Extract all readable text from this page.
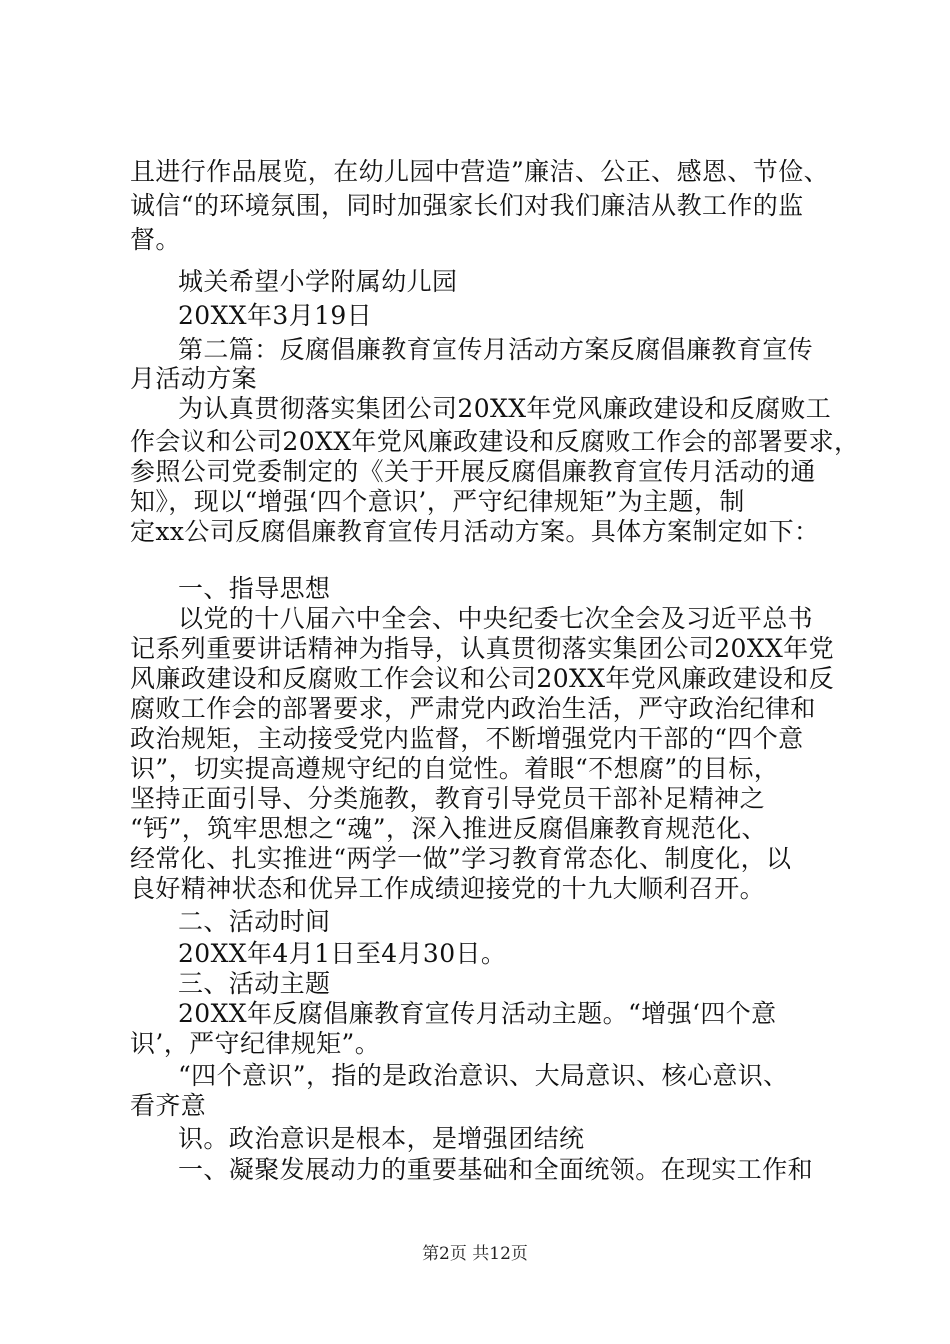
且进行作品展览，在幼儿园中营造”廉洁、公正、感恩、节俭、
诚信“的环境氛围，同时加强家长们对我们廉洁从教工作的监
督。
城关希望小学附属幼儿园
20XX年3月19日
第二篇：反腐倡廉教育宣传月活动方案反腐倡廉教育宣传
月活动方案
为认真贯彻落实集团公司20XX年党风廉政建设和反腐败工
作会议和公司20XX年党风廉政建设和反腐败工作会的部署要求，
参照公司党委制定的《关于开展反腐倡廉教育宣传月活动的通
知》，现以“增强‘四个意识’，严守纪律规矩”为主题，制
定xx公司反腐倡廉教育宣传月活动方案。具体方案制定如下：
一、指导思想
以党的十八届六中全会、中央纪委七次全会及习近平总书
记系列重要讲话精神为指导，认真贯彻落实集团公司20XX年党
风廉政建设和反腐败工作会议和公司20XX年党风廉政建设和反
腐败工作会的部署要求，严肃党内政治生活，严守政治纪律和
政治规矩，主动接受党内监督，不断增强党内干部的“四个意
识”，切实提高遵规守纪的自觉性。着眼“不想腐”的目标，
坚持正面引导、分类施教，教育引导党员干部补足精神之
“钙”，筑牢思想之“魂”，深入推进反腐倡廉教育规范化、
经常化、扎实推进“两学一做”学习教育常态化、制度化，以
良好精神状态和优异工作成绩迎接党的十九大顺利召开。
二、活动时间
20XX年4月1日至4月30日。
三、活动主题
20XX年反腐倡廉教育宣传月活动主题。“增强‘四个意
识’，严守纪律规矩”。
“四个意识”，指的是政治意识、大局意识、核心意识、
看齐意
识。政治意识是根本，是增强团结统
一、凝聚发展动力的重要基础和全面统领。在现实工作和
第2页 共12页
